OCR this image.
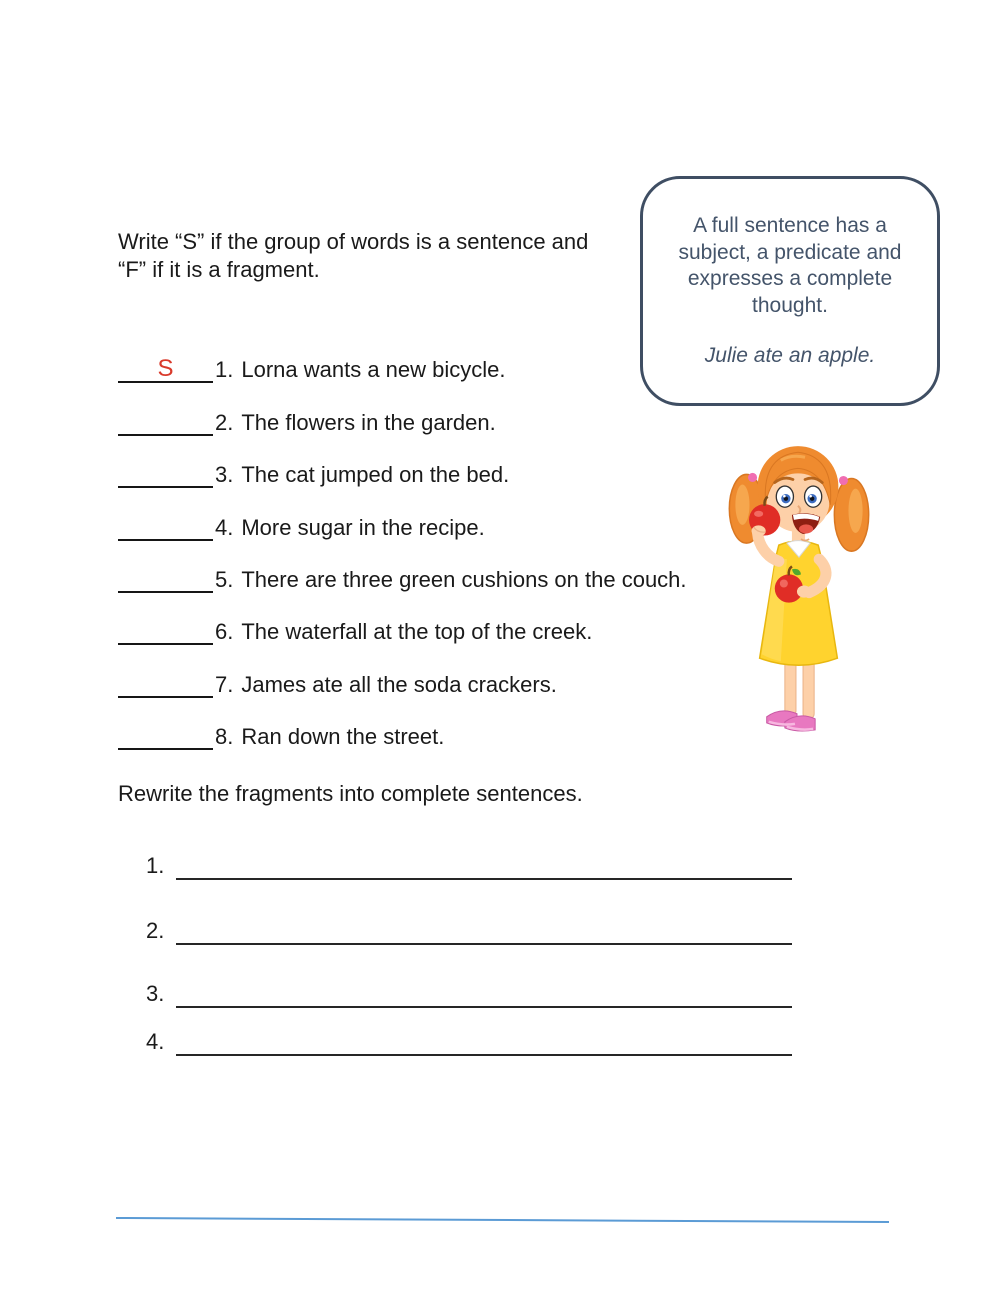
Write “S” if the group of words is a sentence and “F” if it is a fragment.
A full sentence has a subject, a predicate and expresses a complete thought.
Julie ate an apple.
S	1. Lorna wants a new bicycle.
2. The flowers in the garden.
3. The cat jumped on the bed.
4. More sugar in the recipe.
5. There are three green cushions on the couch.
6. The waterfall at the top of the creek.
7. James ate all the soda crackers.
8. Ran down the street.
Rewrite the fragments into complete sentences.
1.
2.
3.
4.
